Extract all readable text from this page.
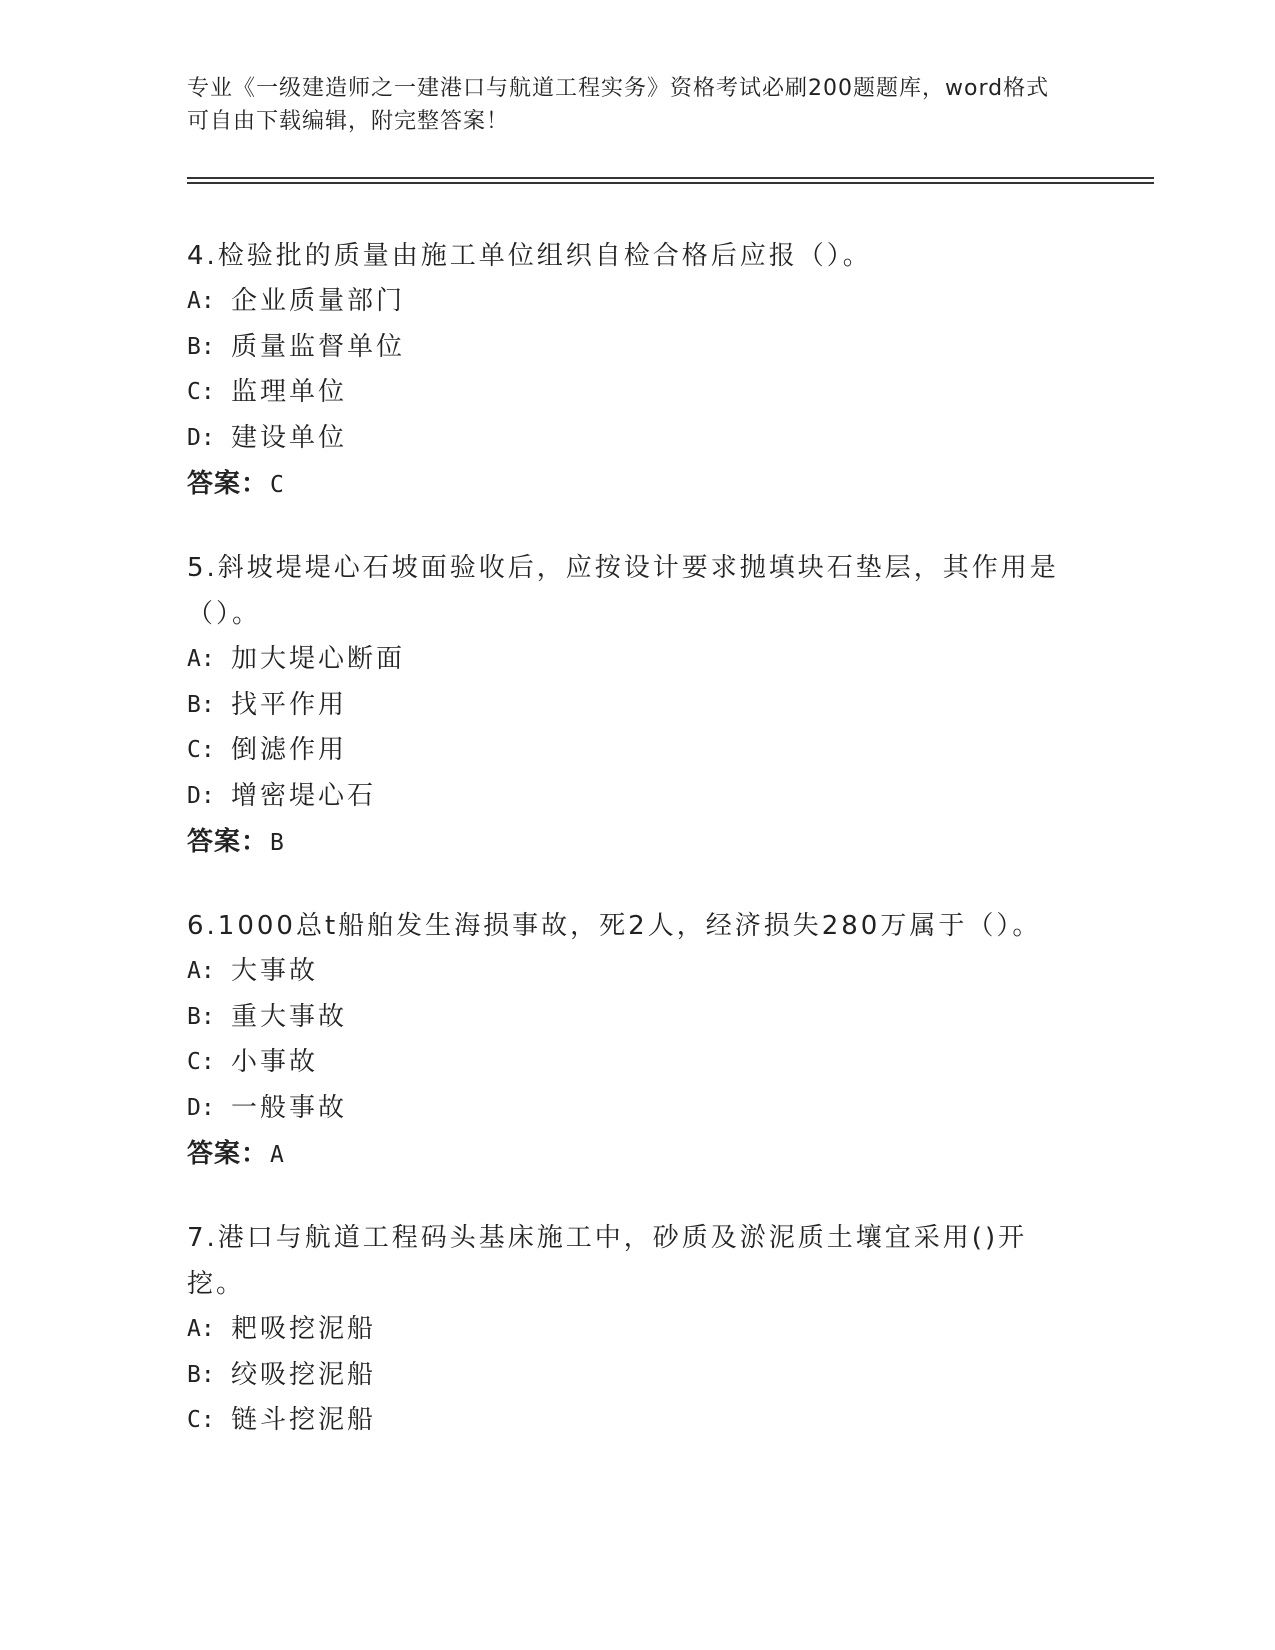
专业《一级建造师之一建港口与航道工程实务》资格考试必刷200题题库，word格式可自由下载编辑，附完整答案！

4.检验批的质量由施工单位组织自检合格后应报（）。

A: 企业质量部门
B: 质量监督单位
C: 监理单位
D: 建设单位

答案：C

5.斜坡堤堤心石坡面验收后，应按设计要求抛填块石垫层，其作用是（）。

A: 加大堤心断面
B: 找平作用
C: 倒滤作用
D: 增密堤心石

答案：B

6.1000总t船舶发生海损事故，死2人，经济损失280万属于（）。

A: 大事故
B: 重大事故
C: 小事故
D: 一般事故

答案：A

7.港口与航道工程码头基床施工中，砂质及淤泥质土壤宜采用()开挖。

A: 耙吸挖泥船
B: 绞吸挖泥船
C: 链斗挖泥船
